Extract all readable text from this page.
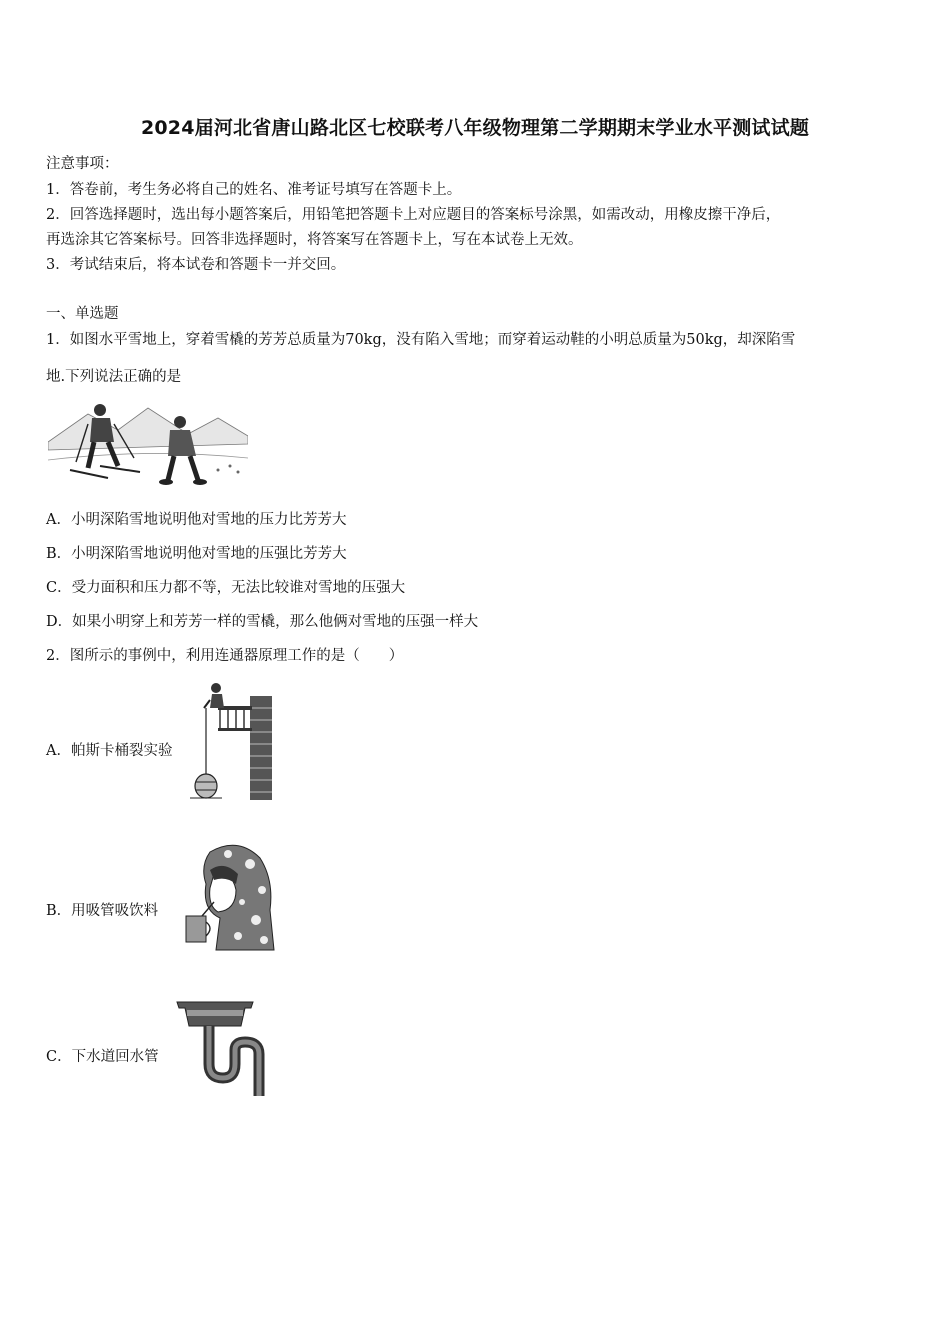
2024届河北省唐山路北区七校联考八年级物理第二学期期末学业水平测试试题
注意事项：
1．答卷前，考生务必将自己的姓名、准考证号填写在答题卡上。
2．回答选择题时，选出每小题答案后，用铅笔把答题卡上对应题目的答案标号涂黑，如需改动，用橡皮擦干净后，
再选涂其它答案标号。回答非选择题时，将答案写在答题卡上，写在本试卷上无效。
3．考试结束后，将本试卷和答题卡一并交回。
一、单选题
1．如图水平雪地上，穿着雪橇的芳芳总质量为70kg，没有陷入雪地；而穿着运动鞋的小明总质量为50kg，却深陷雪
地.下列说法正确的是
A．小明深陷雪地说明他对雪地的压力比芳芳大
B．小明深陷雪地说明他对雪地的压强比芳芳大
C．受力面积和压力都不等，无法比较谁对雪地的压强大
D．如果小明穿上和芳芳一样的雪橇，那么他俩对雪地的压强一样大
2．图所示的事例中，利用连通器原理工作的是（　　）
A．帕斯卡桶裂实验
B．用吸管吸饮料
C．下水道回水管
